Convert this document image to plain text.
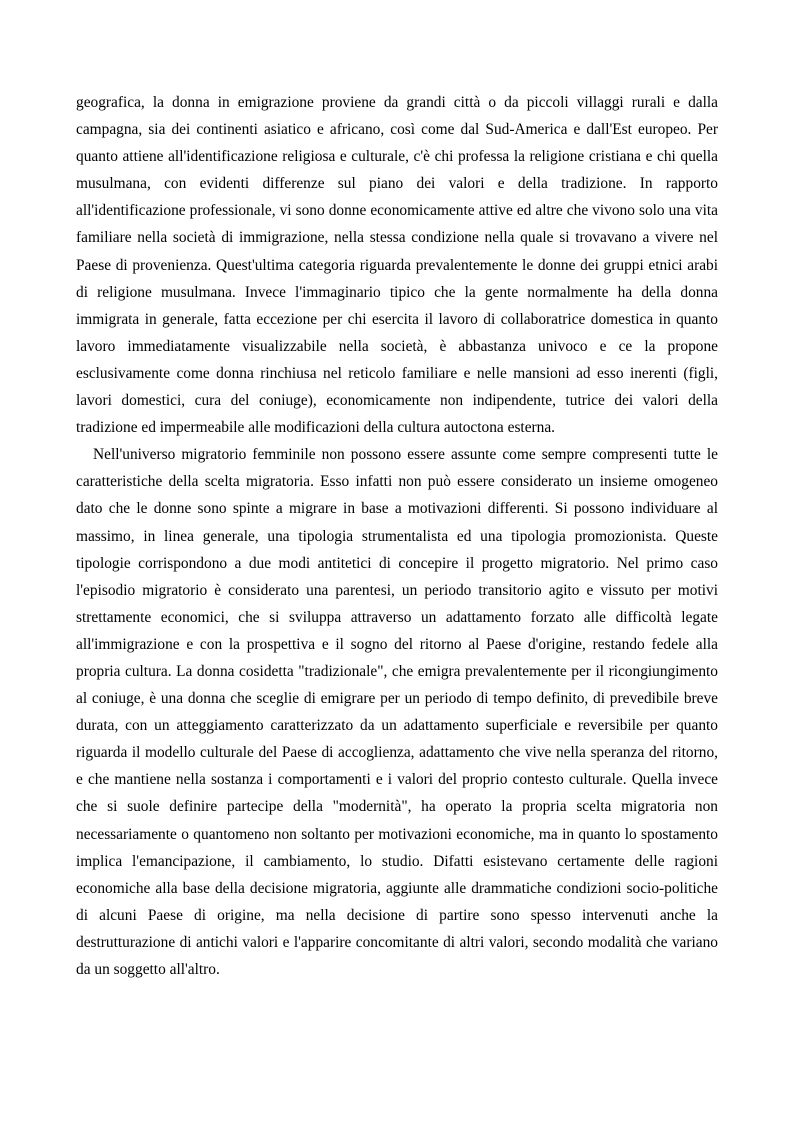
geografica, la donna in emigrazione proviene da grandi città o da piccoli villaggi rurali e dalla campagna, sia dei continenti asiatico e africano, così come dal Sud-America e dall'Est europeo. Per quanto attiene all'identificazione religiosa e culturale, c'è chi professa la religione cristiana e chi quella musulmana, con evidenti differenze sul piano dei valori e della tradizione. In rapporto all'identificazione professionale, vi sono donne economicamente attive ed altre che vivono solo una vita familiare nella società di immigrazione, nella stessa condizione nella quale si trovavano a vivere nel Paese di provenienza. Quest'ultima categoria riguarda prevalentemente le donne dei gruppi etnici arabi di religione musulmana. Invece l'immaginario tipico che la gente normalmente ha della donna immigrata in generale, fatta eccezione per chi esercita il lavoro di collaboratrice domestica in quanto lavoro immediatamente visualizzabile nella società, è abbastanza univoco e ce la propone esclusivamente come donna rinchiusa nel reticolo familiare e nelle mansioni ad esso inerenti (figli, lavori domestici, cura del coniuge), economicamente non indipendente, tutrice dei valori della tradizione ed impermeabile alle modificazioni della cultura autoctona esterna.

Nell'universo migratorio femminile non possono essere assunte come sempre compresenti tutte le caratteristiche della scelta migratoria. Esso infatti non può essere considerato un insieme omogeneo dato che le donne sono spinte a migrare in base a motivazioni differenti. Si possono individuare al massimo, in linea generale, una tipologia strumentalista ed una tipologia promozionista. Queste tipologie corrispondono a due modi antitetici di concepire il progetto migratorio. Nel primo caso l'episodio migratorio è considerato una parentesi, un periodo transitorio agito e vissuto per motivi strettamente economici, che si sviluppa attraverso un adattamento forzato alle difficoltà legate all'immigrazione e con la prospettiva e il sogno del ritorno al Paese d'origine, restando fedele alla propria cultura. La donna cosidetta "tradizionale", che emigra prevalentemente per il ricongiungimento al coniuge, è una donna che sceglie di emigrare per un periodo di tempo definito, di prevedibile breve durata, con un atteggiamento caratterizzato da un adattamento superficiale e reversibile per quanto riguarda il modello culturale del Paese di accoglienza, adattamento che vive nella speranza del ritorno, e che mantiene nella sostanza i comportamenti e i valori del proprio contesto culturale. Quella invece che si suole definire partecipe della "modernità", ha operato la propria scelta migratoria non necessariamente o quantomeno non soltanto per motivazioni economiche, ma in quanto lo spostamento implica l'emancipazione, il cambiamento, lo studio. Difatti esistevano certamente delle ragioni economiche alla base della decisione migratoria, aggiunte alle drammatiche condizioni socio-politiche di alcuni Paese di origine, ma nella decisione di partire sono spesso intervenuti anche la destrutturazione di antichi valori e l'apparire concomitante di altri valori, secondo modalità che variano da un soggetto all'altro.
